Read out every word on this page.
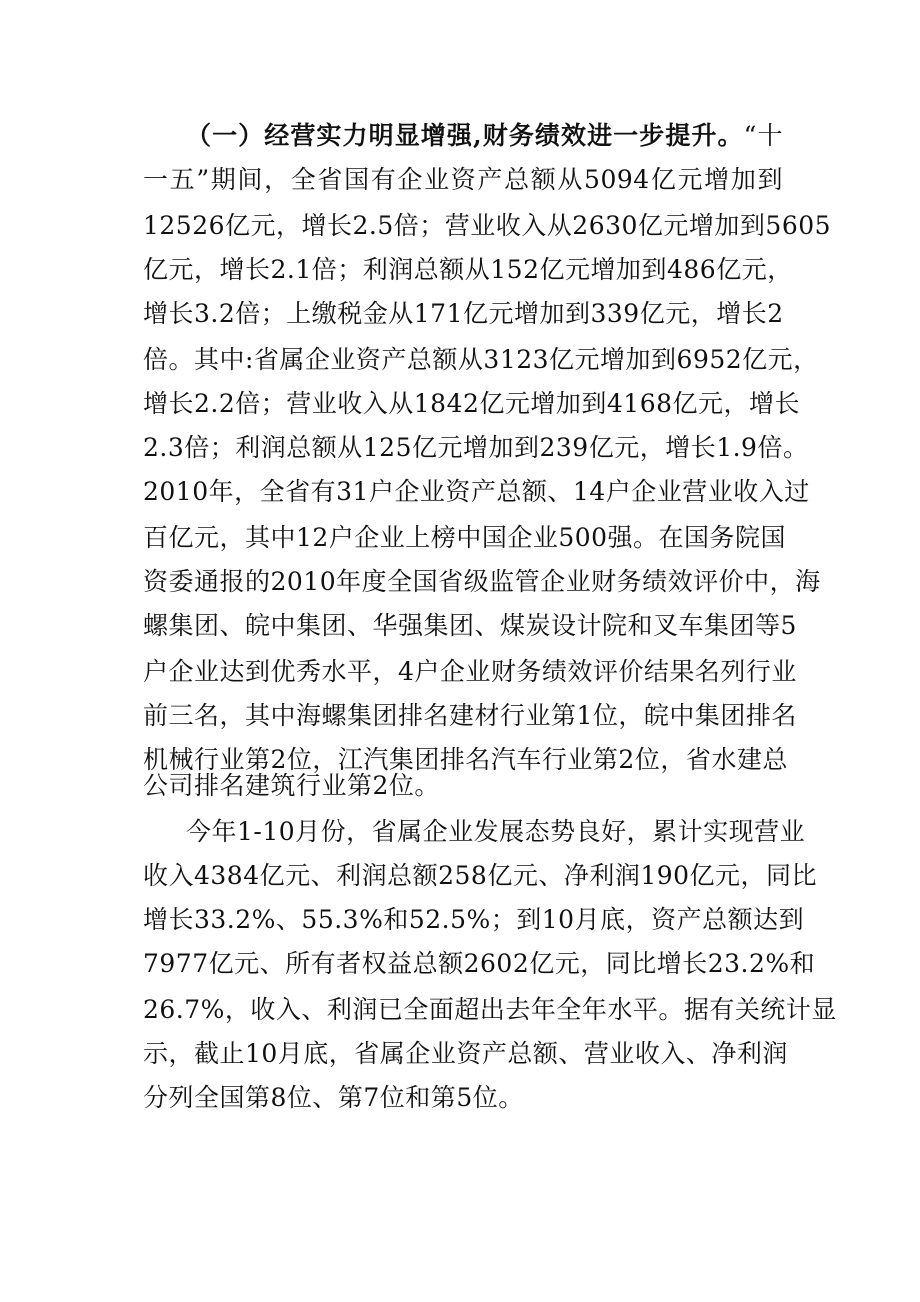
（一）经营实力明显增强,财务绩效进一步提升。“十
一五”期间，全省国有企业资产总额从5094亿元增加到
12526亿元，增长2.5倍；营业收入从2630亿元增加到5605
亿元，增长2.1倍；利润总额从152亿元增加到486亿元，
增长3.2倍；上缴税金从171亿元增加到339亿元，增长2
倍。其中:省属企业资产总额从3123亿元增加到6952亿元，
增长2.2倍；营业收入从1842亿元增加到4168亿元，增长
2.3倍；利润总额从125亿元增加到239亿元，增长1.9倍。
2010年，全省有31户企业资产总额、14户企业营业收入过
百亿元，其中12户企业上榜中国企业500强。在国务院国
资委通报的2010年度全国省级监管企业财务绩效评价中，海
螺集团、皖中集团、华强集团、煤炭设计院和叉车集团等5
户企业达到优秀水平，4户企业财务绩效评价结果名列行业
前三名，其中海螺集团排名建材行业第1位，皖中集团排名
机械行业第2位，江汽集团排名汽车行业第2位，省水建总
公司排名建筑行业第2位。
今年1-10月份，省属企业发展态势良好，累计实现营业
收入4384亿元、利润总额258亿元、净利润190亿元，同比
增长33.2%、55.3%和52.5%；到10月底，资产总额达到
7977亿元、所有者权益总额2602亿元，同比增长23.2%和
26.7%，收入、利润已全面超出去年全年水平。据有关统计显
示，截止10月底，省属企业资产总额、营业收入、净利润
分列全国第8位、第7位和第5位。
